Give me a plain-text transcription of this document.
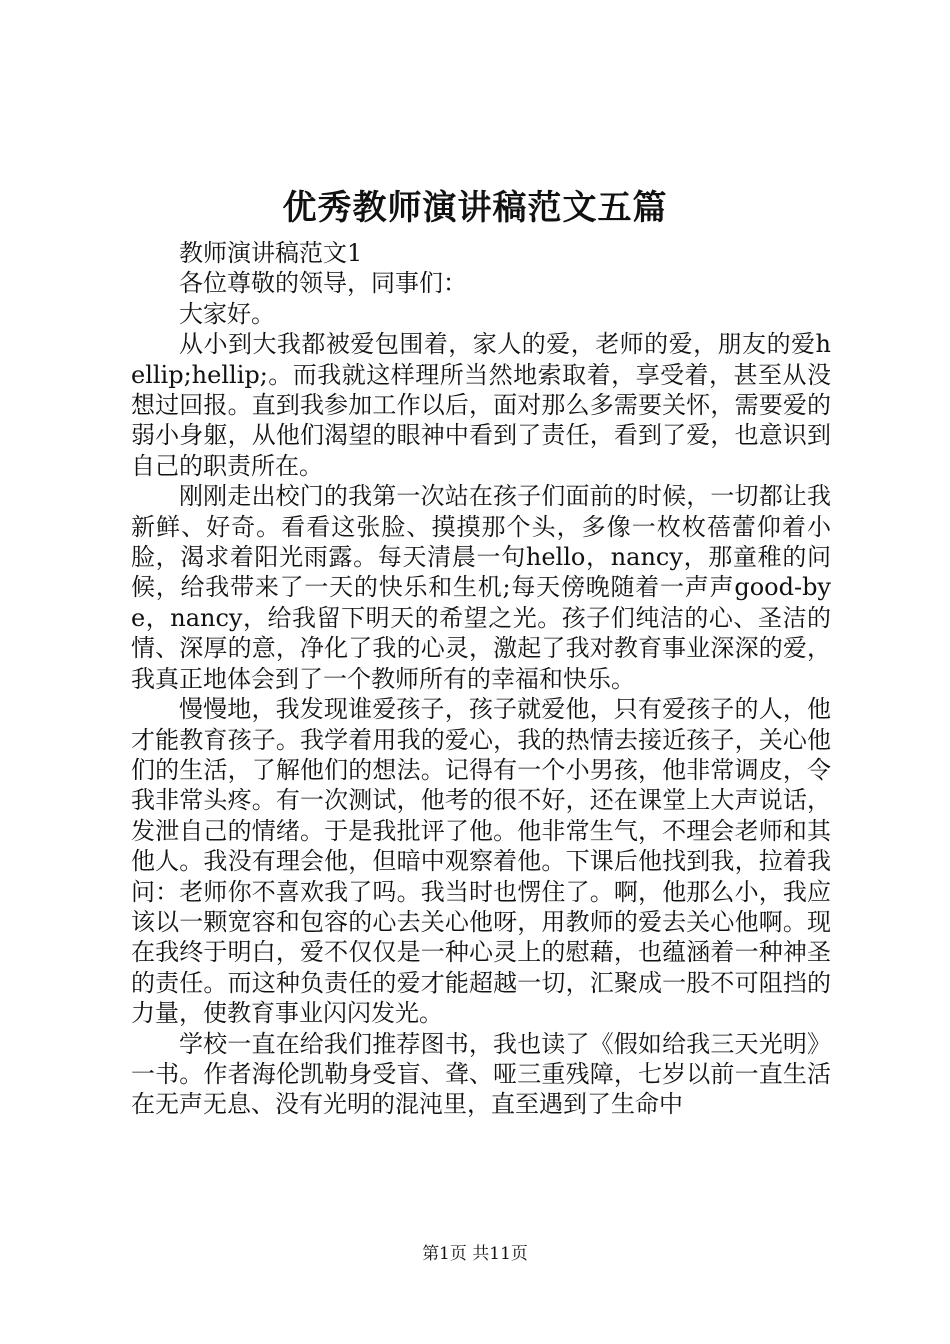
优秀教师演讲稿范文五篇

教师演讲稿范文1

各位尊敬的领导，同事们：

大家好。

从小到大我都被爱包围着，家人的爱，老师的爱，朋友的爱hellip;hellip;。而我就这样理所当然地索取着，享受着，甚至从没想过回报。直到我参加工作以后，面对那么多需要关怀，需要爱的弱小身躯，从他们渴望的眼神中看到了责任，看到了爱，也意识到自己的职责所在。

刚刚走出校门的我第一次站在孩子们面前的时候，一切都让我新鲜、好奇。看看这张脸、摸摸那个头，多像一枚枚蓓蕾仰着小脸，渴求着阳光雨露。每天清晨一句hello，nancy，那童稚的问候，给我带来了一天的快乐和生机;每天傍晚随着一声声good-bye，nancy，给我留下明天的希望之光。孩子们纯洁的心、圣洁的情、深厚的意，净化了我的心灵，激起了我对教育事业深深的爱，我真正地体会到了一个教师所有的幸福和快乐。

慢慢地，我发现谁爱孩子，孩子就爱他，只有爱孩子的人，他才能教育孩子。我学着用我的爱心，我的热情去接近孩子，关心他们的生活，了解他们的想法。记得有一个小男孩，他非常调皮，令我非常头疼。有一次测试，他考的很不好，还在课堂上大声说话，发泄自己的情绪。于是我批评了他。他非常生气，不理会老师和其他人。我没有理会他，但暗中观察着他。下课后他找到我，拉着我问：老师你不喜欢我了吗。我当时也愣住了。啊，他那么小，我应该以一颗宽容和包容的心去关心他呀，用教师的爱去关心他啊。现在我终于明白，爱不仅仅是一种心灵上的慰藉，也蕴涵着一种神圣的责任。而这种负责任的爱才能超越一切，汇聚成一股不可阻挡的力量，使教育事业闪闪发光。

学校一直在给我们推荐图书，我也读了《假如给我三天光明》一书。作者海伦凯勒身受盲、聋、哑三重残障，七岁以前一直生活在无声无息、没有光明的混沌里，直至遇到了生命中

第1页 共11页
